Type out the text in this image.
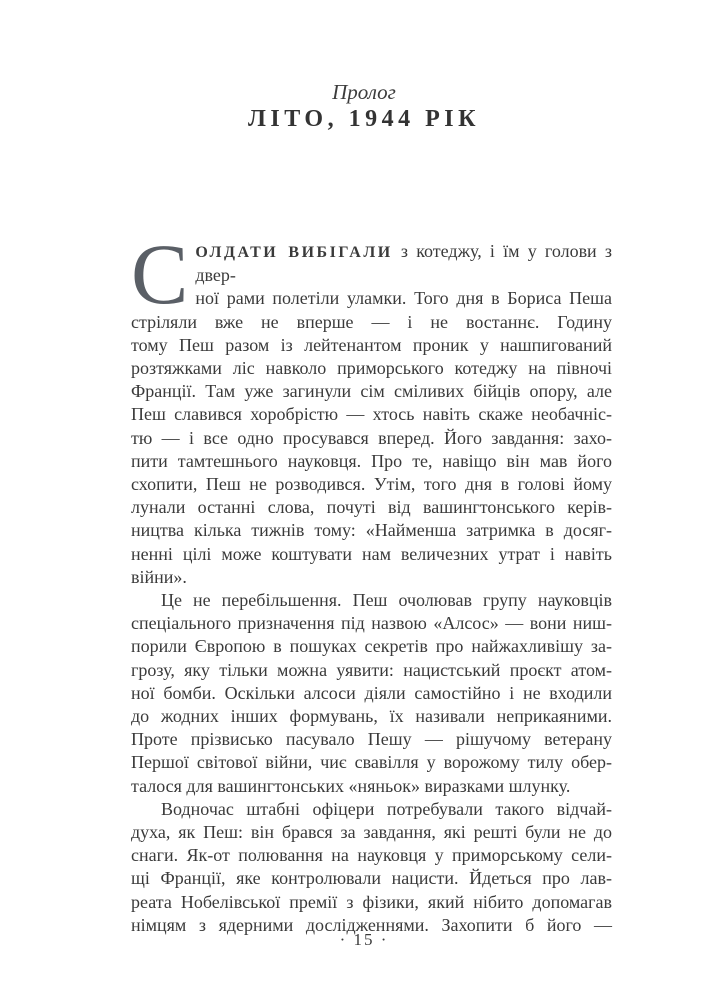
Пролог
ЛІТО, 1944 РІК

С ОЛДАТИ ВИБІГАЛИ з котеджу, і їм у голови з двер-
ної рами полетіли уламки. Того дня в Бориса Пеша
стріляли вже не вперше — і не востаннє. Годину
тому Пеш разом із лейтенантом проник у нашпигований
розтяжками ліс навколо приморського котеджу на півночі
Франції. Там уже загинули сім сміливих бійців опору, але
Пеш славився хоробрістю — хтось навіть скаже необачніс-
тю — і все одно просувався вперед. Його завдання: захо-
пити тамтешнього науковця. Про те, навіщо він мав його
схопити, Пеш не розводився. Утім, того дня в голові йому
лунали останні слова, почуті від вашингтонського керів-
ництва кілька тижнів тому: «Найменша затримка в досяг-
ненні цілі може коштувати нам величезних утрат і навіть
війни».

Це не перебільшення. Пеш очолював групу науковців
спеціального призначення під назвою «Алсос» — вони ниш-
порили Європою в пошуках секретів про найжахливішу за-
грозу, яку тільки можна уявити: нацистський проєкт атом-
ної бомби. Оскільки алсоси діяли самостійно і не входили
до жодних інших формувань, їх називали неприкаяними.
Проте прізвисько пасувало Пешу — рішучому ветерану
Першої світової війни, чиє свавілля у ворожому тилу обер-
талося для вашингтонських «няньок» виразками шлунку.

Водночас штабні офіцери потребували такого відчай-
духа, як Пеш: він брався за завдання, які решті були не до
снаги. Як-от полювання на науковця у приморському сели-
щі Франції, яке контролювали нацисти. Йдеться про лав-
реата Нобелівської премії з фізики, який нібито допомагав
німцям з ядерними дослідженнями. Захопити б його —

· 15 ·
